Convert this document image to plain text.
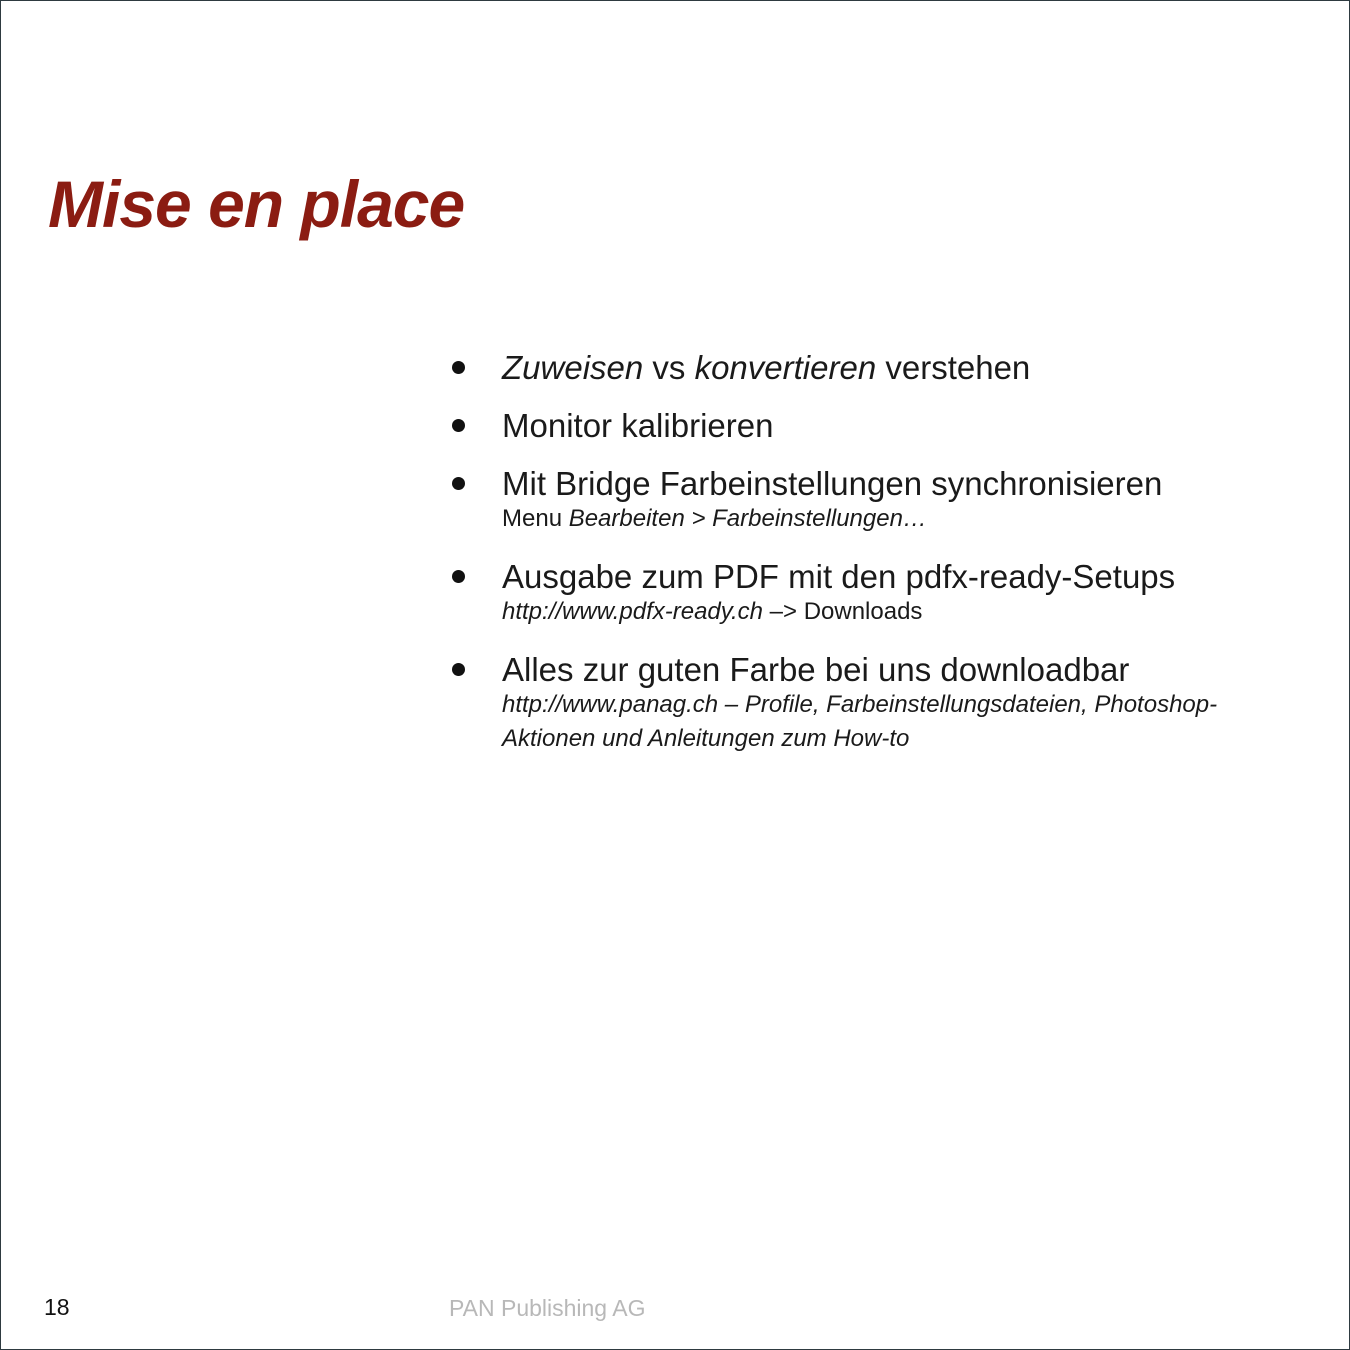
Mise en place
Zuweisen vs konvertieren verstehen
Monitor kalibrieren
Mit Bridge Farbeinstellungen synchronisieren
Menu Bearbeiten > Farbeinstellungen…
Ausgabe zum PDF mit den pdfx-ready-Setups
http://www.pdfx-ready.ch –> Downloads
Alles zur guten Farbe bei uns downloadbar
http://www.panag.ch – Profile, Farbeinstellungsdateien, Photoshop-Aktionen und Anleitungen zum How-to
18	PAN Publishing AG
